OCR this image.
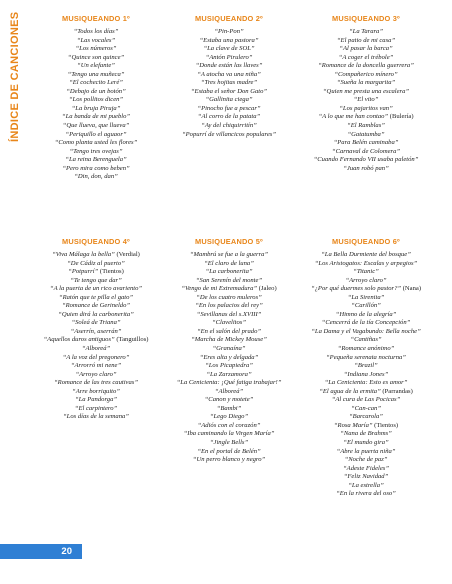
ÍNDICE DE CANCIONES	MUSIQUEANDO 1º
“Todos los días”
“Las vocales”
“Los números”
“Quince son quince”
“Un elefante”
“Tengo una muñeca”
“El cochecito Leré”
“Debajo de un botón”
“Los pollitos dicen”
“La bruja Piruja”
“La banda de mi pueblo”
“Que llueva, que llueva”
“Periquillo el aguaor”
“Como planta usted les flores”
“Tengo tres ovejas”
“La reina Berenguela”
“Pero mira como beben”
“Din, don, dan”
MUSIQUEANDO 2º
“Pin-Pon”
“Estaba una pastora”
“La clave de SOL”
“Antón Pirulero”
“Donde están las llaves”
“A atocha va una niña”
“Tres hojitas madre”
“Estaba el señor Don Gato”
“Gallinita ciega”
“Pinocho fue a pescar”
“Al corro de la patata”
“Ay del chiquirritín”
“Popurrí de villancicos populares”
MUSIQUEANDO 3º
“La Tarara”
“El patio de mi casa”
“Al pasar la barca”
“A coger el trébole”
“Romance de la doncella guerrera”
“Compañerico mínero”
“Sueña la margarita”
“Quien me presta una escalera”
“El vito”
“Los pajaritos van”
“A lo que me han contao” (Bulería)
“El Ramblas”
“Gatatumba”
“Para Belén caminaba”
“Carnaval de Colomera”
“Cuando Fernando VII usaba paletón”
“Juan robó pan”
MUSIQUEANDO 4º
“Viva Málaga la bella” (Verdial)
“De Cádiz al puerto”
“Potpurrí” (Tientos)
“Te tengo que dar”
“A la puerta de un rico avariento”
“Ratón que te pilla el gato”
“Romance de Gerineldo”
“Quien dirá la carbonerita”
“Soleá de Triana”
“Aserrín, aserrán”
“Aquellos duros antiguos” (Tanguillos)
“Alboreá”
“A la voz del pregonero”
“Arrorró mi nene”
“Arroyo claro”
“Romance de las tres cautivas”
“Arre borriquito”
“La Pandorga”
“El carpintero”
“Los días de la semana”
MUSIQUEANDO 5º
“Mambrú se fue a la guerra”
“El claro de luna”
“La carbonerita”
“San Serenín del monte”
“Vengo de mi Extremadura” (Jaleo)
“De los cuatro muleros”
“En los palacios del rey”
“Sevillanas del s.XVIII”
“Clavelitos”
“En el salón del prado”
“Marcha de Mickey Mouse”
“Granaína”
“Eres alta y delgada”
“Los Picapiedra”
“La Zarzamora”
“La Cenicienta: ¡Qué fatiga trabajar!”
“Alboreá”
“Canon y motete”
“Bambi”
“Lego Diego”
“Adiós con el corazón”
“Iba caminando la Virgen María”
“Jingle Bells”
“En el portal de Belén”
“Un perro blanco y negro”
MUSIQUEANDO 6º
“La Bella Durmiente del bosque”
“Los Aristogatos: Escalas y arpegios”
“Titanic”
“Arroyo claro”
“¿Por qué duermes solo pastor?” (Nana)
“La Sirenita”
“Carillón”
“Himno de la alegría”
“Cencerrá de la tía Concepción”
“La Dama y el Vagabundo: Bella noche”
“Cantiñas”
“Romance anónimo”
“Pequeña serenata nocturna”
“Brazil”
“Indiana Jones”
“La Cenicienta: Esto es amor”
“El agua de la ermita” (Parrandas)
“Al cura de Las Pocicas”
“Can-can”
“Barcarola”
“Rosa María” (Tientos)
“Nana de Brahms”
“El mundo gira”
“Abre la puerta niña”
“Noche de paz”
“Adeste Fideles”
“Feliz Navidad”
“La estrella”
“En la rivera del oso”
20
